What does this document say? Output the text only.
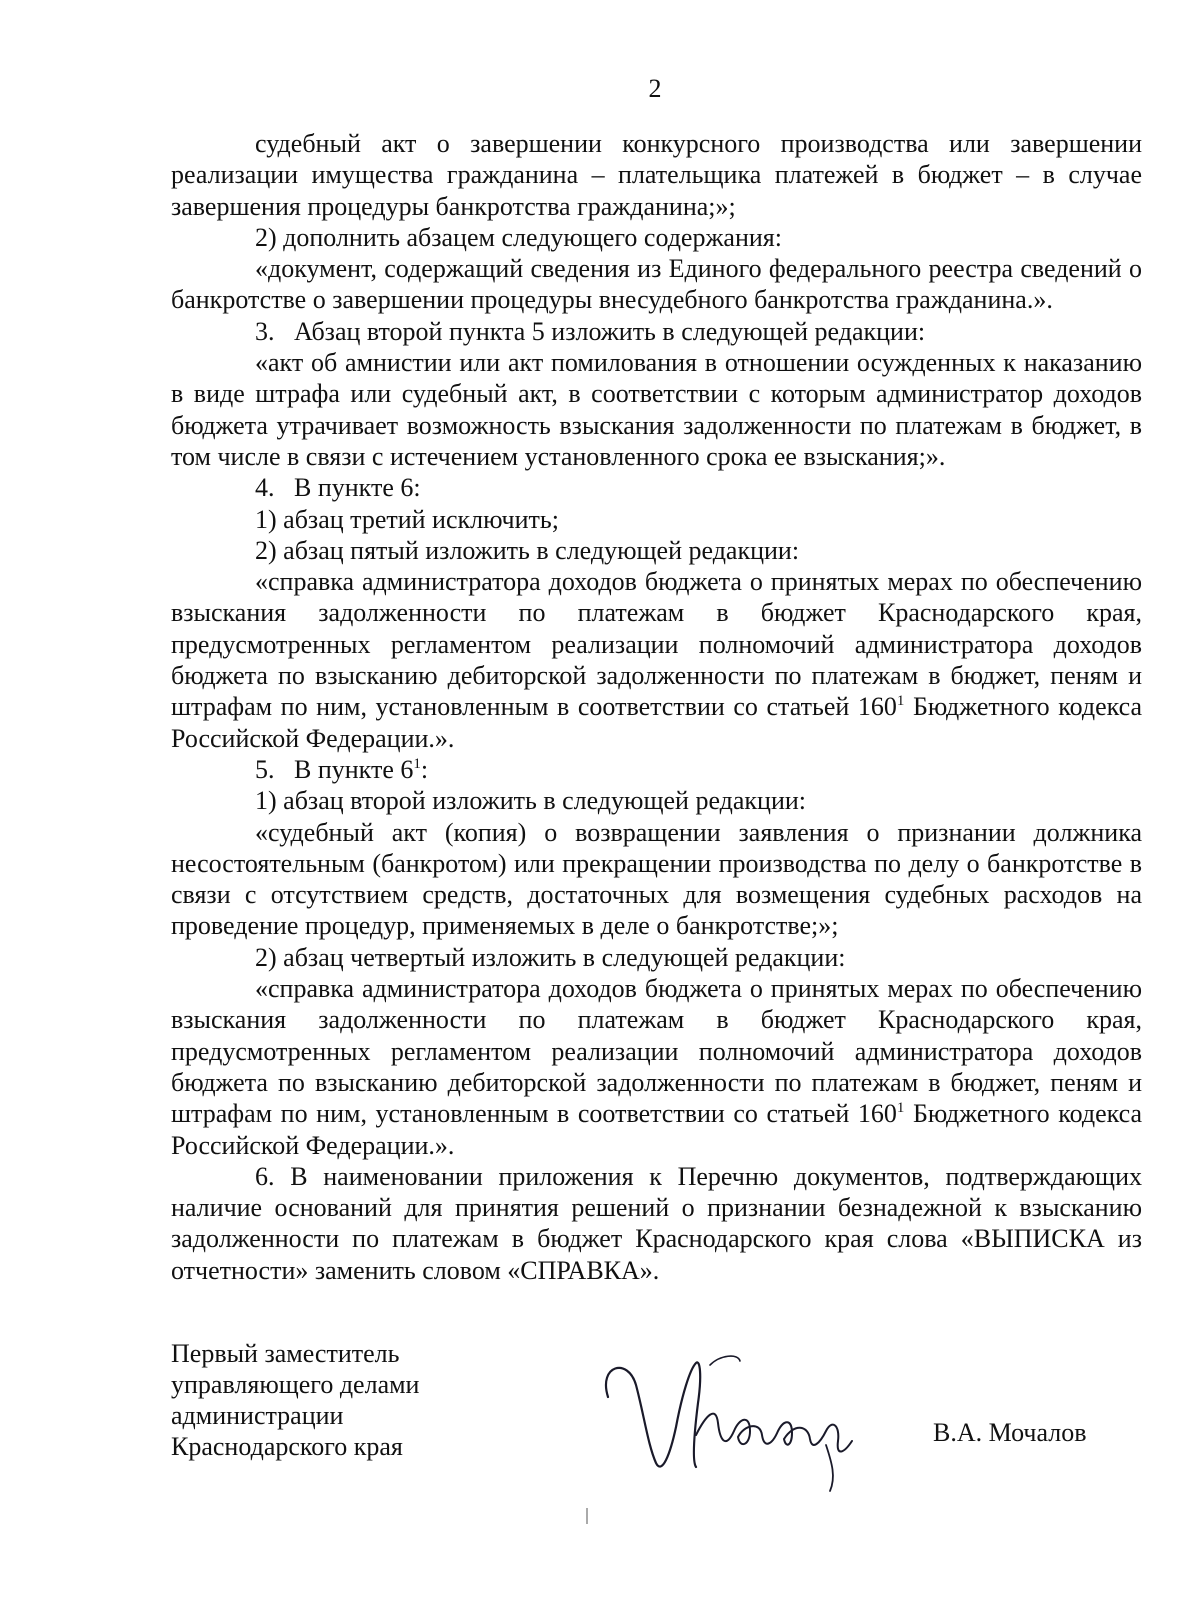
2

судебный акт о завершении конкурсного производства или завершении реализации имущества гражданина – плательщика платежей в бюджет – в случае завершения процедуры банкротства гражданина;»;

2) дополнить абзацем следующего содержания:

«документ, содержащий сведения из Единого федерального реестра сведений о банкротстве о завершении процедуры внесудебного банкротства гражданина.».

3.   Абзац второй пункта 5 изложить в следующей редакции:

«акт об амнистии или акт помилования в отношении осужденных к наказанию в виде штрафа или судебный акт, в соответствии с которым администратор доходов бюджета утрачивает возможность взыскания задолженности по платежам в бюджет, в том числе в связи с истечением установленного срока ее взыскания;».

4.   В пункте 6:

1) абзац третий исключить;

2) абзац пятый изложить в следующей редакции:

«справка администратора доходов бюджета о принятых мерах по обеспечению взыскания задолженности по платежам в бюджет Краснодарского края, предусмотренных регламентом реализации полномочий администратора доходов бюджета по взысканию дебиторской задолженности по платежам в бюджет, пеням и штрафам по ним, установленным в соответствии со статьей $160^1$ Бюджетного кодекса Российской Федерации.».

5.   В пункте $6^1$:

1) абзац второй изложить в следующей редакции:

«судебный акт (копия) о возвращении заявления о признании должника несостоятельным (банкротом) или прекращении производства по делу о банкротстве в связи с отсутствием средств, достаточных для возмещения судебных расходов на проведение процедур, применяемых в деле о банкротстве;»;

2) абзац четвертый изложить в следующей редакции:

«справка администратора доходов бюджета о принятых мерах по обеспечению взыскания задолженности по платежам в бюджет Краснодарского края, предусмотренных регламентом реализации полномочий администратора доходов бюджета по взысканию дебиторской задолженности по платежам в бюджет, пеням и штрафам по ним, установленным в соответствии со статьей $160^1$ Бюджетного кодекса Российской Федерации.».

6. В наименовании приложения к Перечню документов, подтверждающих наличие оснований для принятия решений о признании безнадежной к взысканию задолженности по платежам в бюджет Краснодарского края слова «ВЫПИСКА из отчетности» заменить словом «СПРАВКА».

Первый заместитель
управляющего делами
администрации
Краснодарского края	В.А. Мочалов
